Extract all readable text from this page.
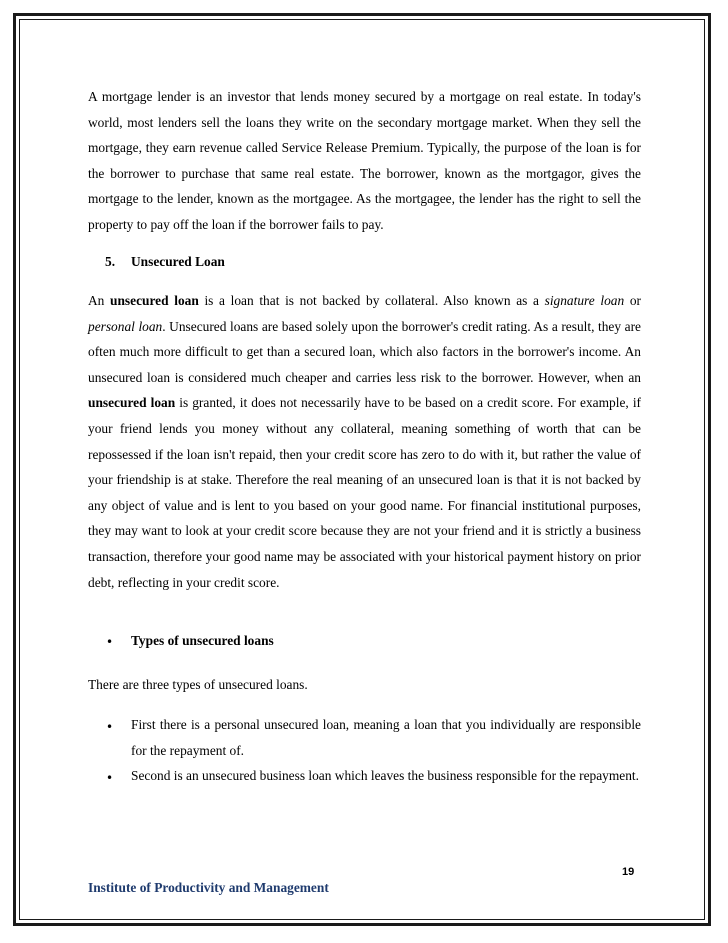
A mortgage lender is an investor that lends money secured by a mortgage on real estate. In today's world, most lenders sell the loans they write on the secondary mortgage market. When they sell the mortgage, they earn revenue called Service Release Premium. Typically, the purpose of the loan is for the borrower to purchase that same real estate. The borrower, known as the mortgagor, gives the mortgage to the lender, known as the mortgagee. As the mortgagee, the lender has the right to sell the property to pay off the loan if the borrower fails to pay.

5. Unsecured Loan

An unsecured loan is a loan that is not backed by collateral. Also known as a signature loan or personal loan. Unsecured loans are based solely upon the borrower's credit rating. As a result, they are often much more difficult to get than a secured loan, which also factors in the borrower's income. An unsecured loan is considered much cheaper and carries less risk to the borrower. However, when an unsecured loan is granted, it does not necessarily have to be based on a credit score. For example, if your friend lends you money without any collateral, meaning something of worth that can be repossessed if the loan isn't repaid, then your credit score has zero to do with it, but rather the value of your friendship is at stake. Therefore the real meaning of an unsecured loan is that it is not backed by any object of value and is lent to you based on your good name. For financial institutional purposes, they may want to look at your credit score because they are not your friend and it is strictly a business transaction, therefore your good name may be associated with your historical payment history on prior debt, reflecting in your credit score.

• Types of unsecured loans

There are three types of unsecured loans.

• First there is a personal unsecured loan, meaning a loan that you individually are responsible for the repayment of.

• Second is an unsecured business loan which leaves the business responsible for the repayment.

19
Institute of Productivity and Management
